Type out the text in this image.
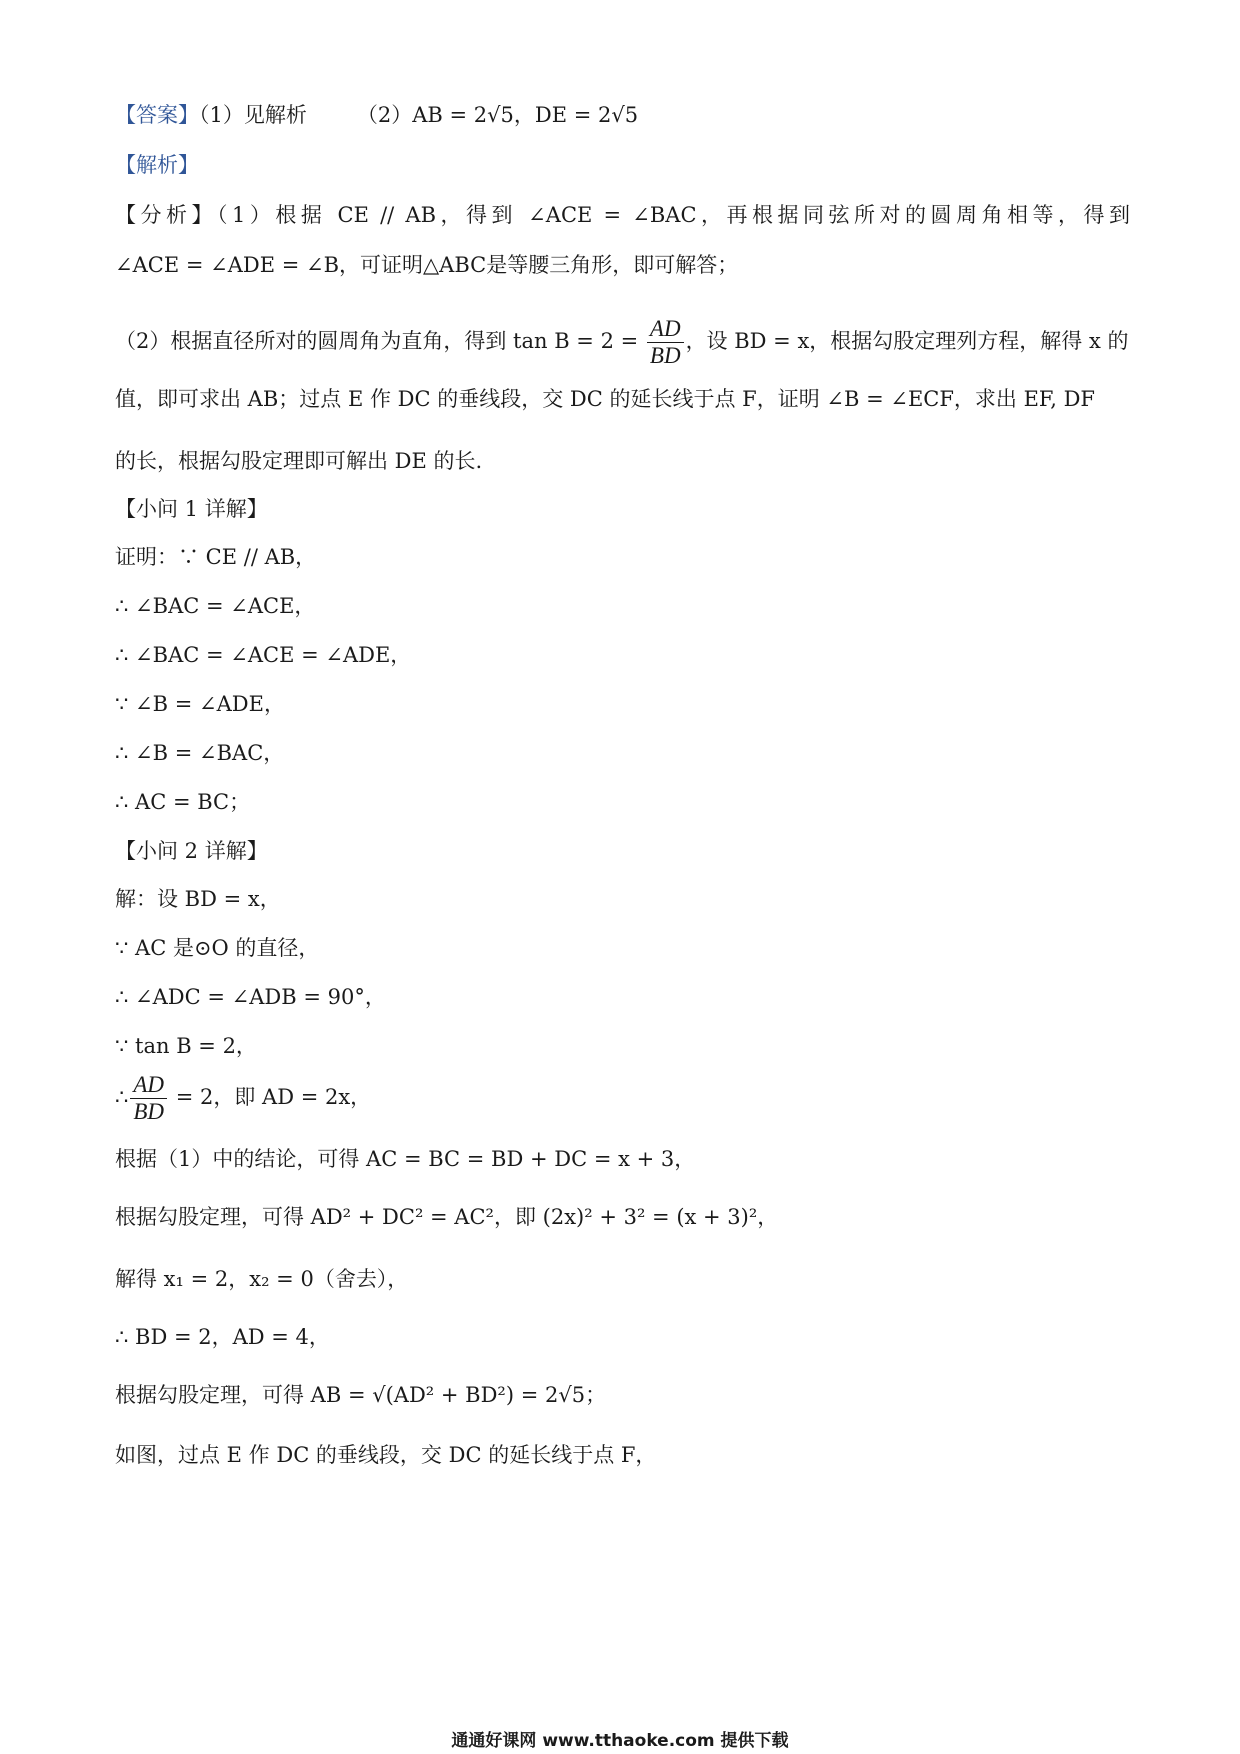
【答案】（1）见解析 （2）AB = 2√5，DE = 2√5
【解析】
【分析】（1）根据 CE // AB，得到 ∠ACE = ∠BAC，再根据同弦所对的圆周角相等，得到
∠ACE = ∠ADE = ∠B，可证明△ABC是等腰三角形，即可解答；
（2）根据直径所对的圆周角为直角，得到 $\tan B = 2 = \frac{AD}{BD}$ ，设 BD = x，根据勾股定理列方程，解得 x 的
值，即可求出 AB；过点 E 作 DC 的垂线段，交 DC 的延长线于点 F，证明 ∠B = ∠ECF，求出 EF, DF
的长，根据勾股定理即可解出 DE 的长.
【小问 1 详解】
证明：∵ CE // AB，
∴ ∠BAC = ∠ACE，
∴ ∠BAC = ∠ACE = ∠ADE，
∵ ∠B = ∠ADE，
∴ ∠B = ∠BAC，
∴ AC = BC；
【小问 2 详解】
解：设 BD = x，
∵ AC 是⊙O 的直径，
∴ ∠ADC = ∠ADB = 90°，
∵ tan B = 2，
∴ $\frac{AD}{BD} = 2$，即 AD = 2x，
根据（1）中的结论，可得 AC = BC = BD + DC = x + 3，
根据勾股定理，可得 AD² + DC² = AC²，即 (2x)² + 3² = (x + 3)²，
解得 x₁ = 2，x₂ = 0（舍去），
∴ BD = 2，AD = 4，
根据勾股定理，可得 AB = √(AD² + BD²) = 2√5；
如图，过点 E 作 DC 的垂线段，交 DC 的延长线于点 F，
通通好课网 www.tthaoke.com 提供下载
